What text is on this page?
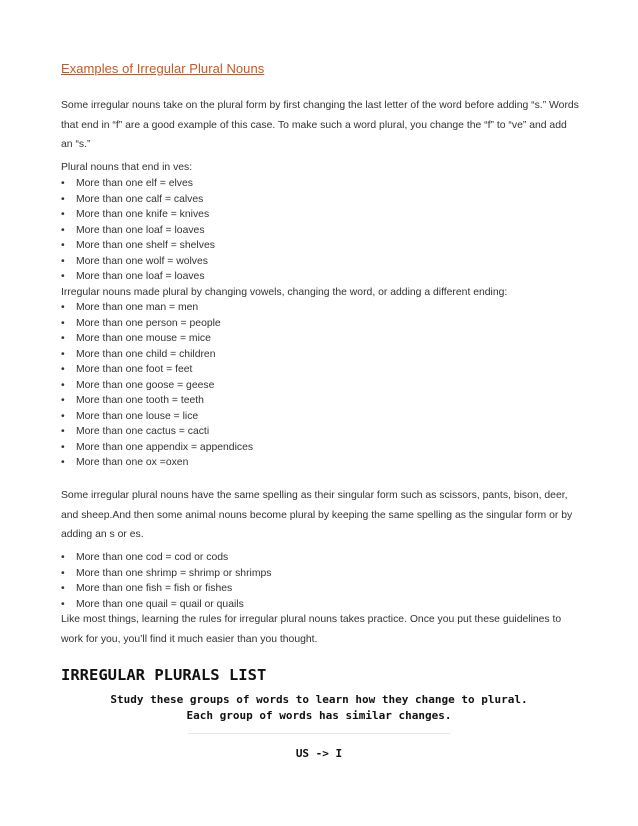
Examples of Irregular Plural Nouns

Some irregular nouns take on the plural form by first changing the last letter of the word before adding “s.” Words that end in “f” are a good example of this case. To make such a word plural, you change the “f” to “ve” and add an “s.”

Plural nouns that end in ves:
• More than one elf = elves
• More than one calf = calves
• More than one knife = knives
• More than one loaf = loaves
• More than one shelf = shelves
• More than one wolf = wolves
• More than one loaf = loaves
Irregular nouns made plural by changing vowels, changing the word, or adding a different ending:
• More than one man = men
• More than one person = people
• More than one mouse = mice
• More than one child = children
• More than one foot = feet
• More than one goose = geese
• More than one tooth = teeth
• More than one louse = lice
• More than one cactus = cacti
• More than one appendix = appendices
• More than one ox =oxen

Some irregular plural nouns have the same spelling as their singular form such as scissors, pants, bison, deer, and sheep.And then some animal nouns become plural by keeping the same spelling as the singular form or by adding an s or es.

• More than one cod = cod or cods
• More than one shrimp = shrimp or shrimps
• More than one fish = fish or fishes
• More than one quail = quail or quails

Like most things, learning the rules for irregular plural nouns takes practice. Once you put these guidelines to work for you, you’ll find it much easier than you thought.

IRREGULAR PLURALS LIST
Study these groups of words to learn how they change to plural.
Each group of words has similar changes.
US -> I
